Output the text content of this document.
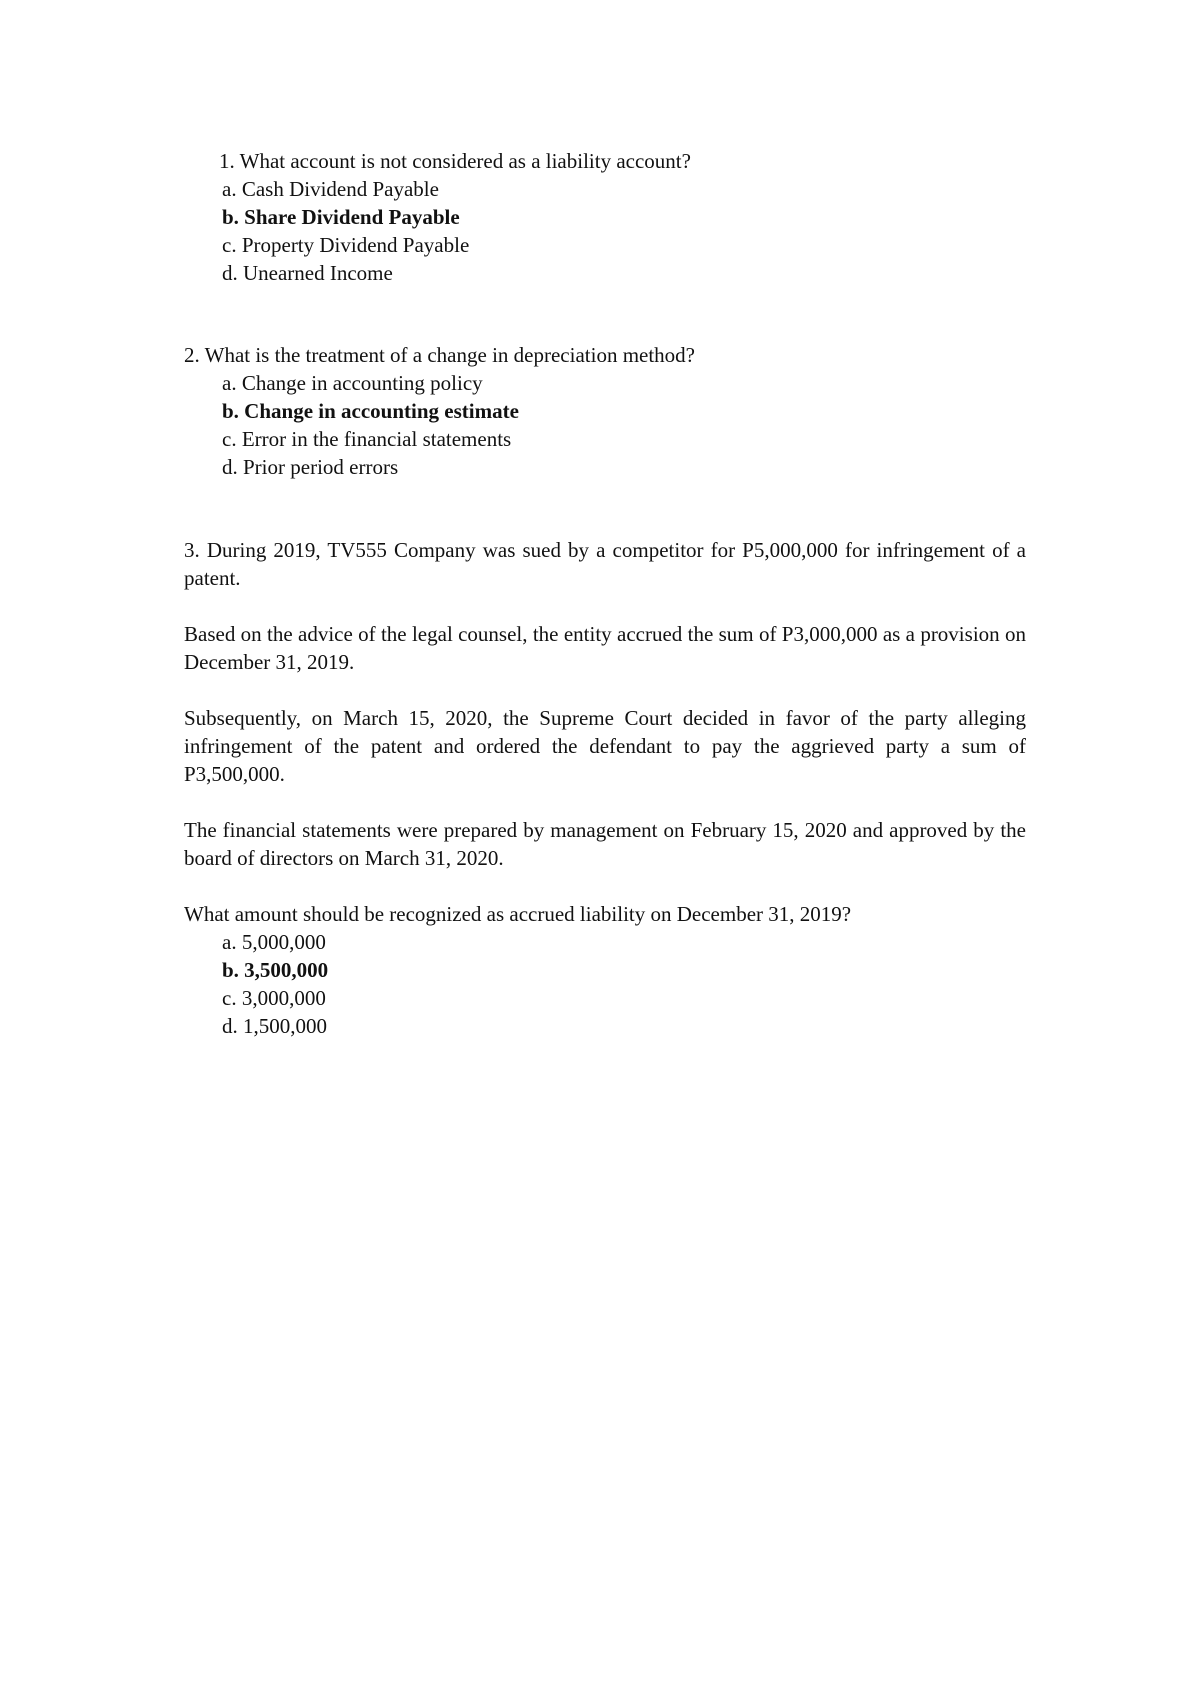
1. What account is not considered as a liability account?

a. Cash Dividend Payable
b. Share Dividend Payable
c. Property Dividend Payable
d. Unearned Income

2. What is the treatment of a change in depreciation method?

a. Change in accounting policy
b. Change in accounting estimate
c. Error in the financial statements
d. Prior period errors

3. During 2019, TV555 Company was sued by a competitor for P5,000,000 for infringement of a patent.

Based on the advice of the legal counsel, the entity accrued the sum of P3,000,000 as a provision on December 31, 2019.

Subsequently, on March 15, 2020, the Supreme Court decided in favor of the party alleging infringement of the patent and ordered the defendant to pay the aggrieved party a sum of P3,500,000.

The financial statements were prepared by management on February 15, 2020 and approved by the board of directors on March 31, 2020.

What amount should be recognized as accrued liability on December 31, 2019?

a. 5,000,000
b. 3,500,000
c. 3,000,000
d. 1,500,000
